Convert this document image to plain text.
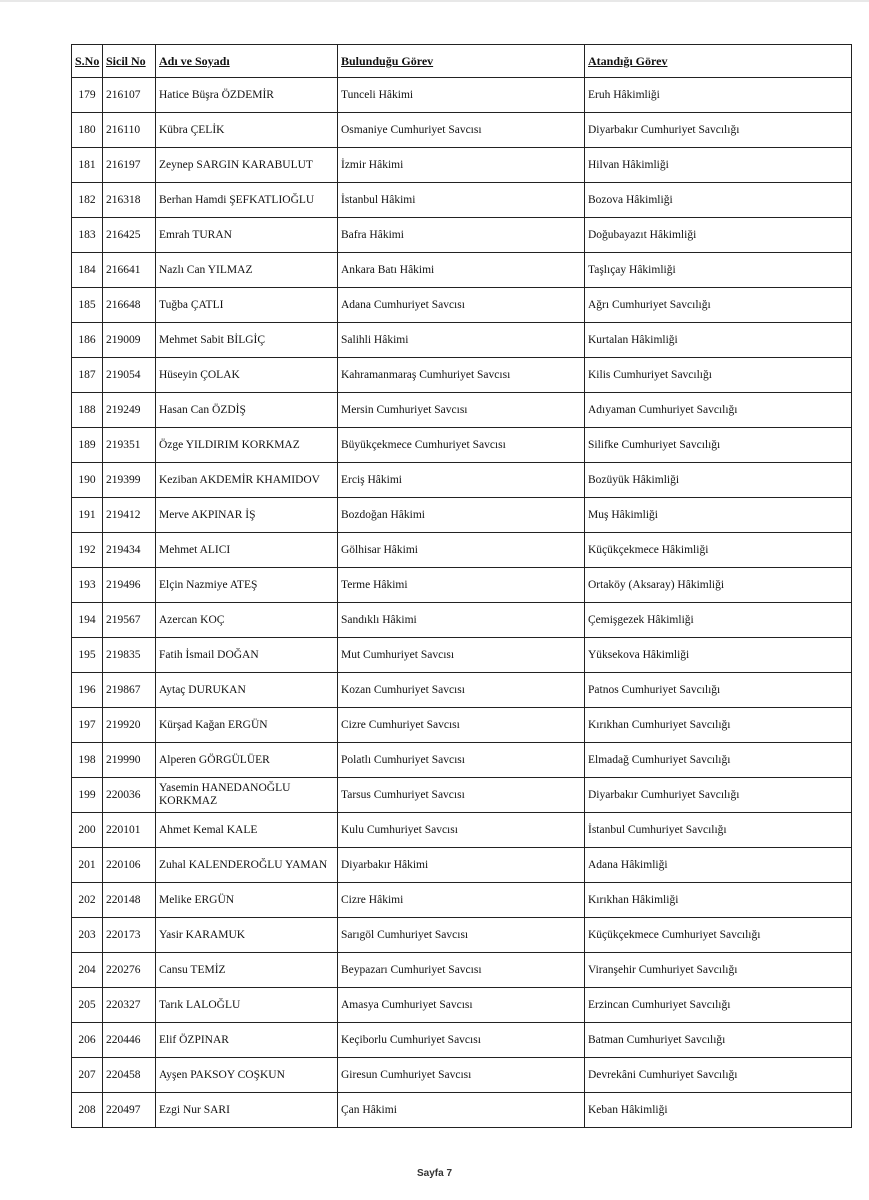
S.No	Sicil No	Adı ve Soyadı	Bulunduğu Görev	Atandığı Görev
179	216107	Hatice Büşra ÖZDEMİR	Tunceli Hâkimi	Eruh Hâkimliği
180	216110	Kübra ÇELİK	Osmaniye Cumhuriyet Savcısı	Diyarbakır Cumhuriyet Savcılığı
181	216197	Zeynep SARGIN KARABULUT	İzmir Hâkimi	Hilvan Hâkimliği
182	216318	Berhan Hamdi ŞEFKATLIOĞLU	İstanbul Hâkimi	Bozova Hâkimliği
183	216425	Emrah TURAN	Bafra Hâkimi	Doğubayazıt Hâkimliği
184	216641	Nazlı Can YILMAZ	Ankara Batı Hâkimi	Taşlıçay Hâkimliği
185	216648	Tuğba ÇATLI	Adana Cumhuriyet Savcısı	Ağrı Cumhuriyet Savcılığı
186	219009	Mehmet Sabit BİLGİÇ	Salihli Hâkimi	Kurtalan Hâkimliği
187	219054	Hüseyin ÇOLAK	Kahramanmaraş Cumhuriyet Savcısı	Kilis Cumhuriyet Savcılığı
188	219249	Hasan Can ÖZDİŞ	Mersin Cumhuriyet Savcısı	Adıyaman Cumhuriyet Savcılığı
189	219351	Özge YILDIRIM KORKMAZ	Büyükçekmece Cumhuriyet Savcısı	Silifke Cumhuriyet Savcılığı
190	219399	Keziban AKDEMİR KHAMIDOV	Erciş Hâkimi	Bozüyük Hâkimliği
191	219412	Merve AKPINAR İŞ	Bozdoğan Hâkimi	Muş Hâkimliği
192	219434	Mehmet ALICI	Gölhisar Hâkimi	Küçükçekmece Hâkimliği
193	219496	Elçin Nazmiye ATEŞ	Terme Hâkimi	Ortaköy (Aksaray) Hâkimliği
194	219567	Azercan KOÇ	Sandıklı Hâkimi	Çemişgezek Hâkimliği
195	219835	Fatih İsmail DOĞAN	Mut Cumhuriyet Savcısı	Yüksekova Hâkimliği
196	219867	Aytaç DURUKAN	Kozan Cumhuriyet Savcısı	Patnos Cumhuriyet Savcılığı
197	219920	Kürşad Kağan ERGÜN	Cizre Cumhuriyet Savcısı	Kırıkhan Cumhuriyet Savcılığı
198	219990	Alperen GÖRGÜLÜER	Polatlı Cumhuriyet Savcısı	Elmadağ Cumhuriyet Savcılığı
199	220036	Yasemin HANEDANOĞLU KORKMAZ	Tarsus Cumhuriyet Savcısı	Diyarbakır Cumhuriyet Savcılığı
200	220101	Ahmet Kemal KALE	Kulu Cumhuriyet Savcısı	İstanbul Cumhuriyet Savcılığı
201	220106	Zuhal KALENDEROĞLU YAMAN	Diyarbakır Hâkimi	Adana Hâkimliği
202	220148	Melike ERGÜN	Cizre Hâkimi	Kırıkhan Hâkimliği
203	220173	Yasir KARAMUK	Sarıgöl Cumhuriyet Savcısı	Küçükçekmece Cumhuriyet Savcılığı
204	220276	Cansu TEMİZ	Beypazarı Cumhuriyet Savcısı	Viranşehir Cumhuriyet Savcılığı
205	220327	Tarık LALOĞLU	Amasya Cumhuriyet Savcısı	Erzincan Cumhuriyet Savcılığı
206	220446	Elif ÖZPINAR	Keçiborlu Cumhuriyet Savcısı	Batman Cumhuriyet Savcılığı
207	220458	Ayşen PAKSOY COŞKUN	Giresun Cumhuriyet Savcısı	Devrekâni Cumhuriyet Savcılığı
208	220497	Ezgi Nur SARI	Çan Hâkimi	Keban Hâkimliği
Sayfa 7
